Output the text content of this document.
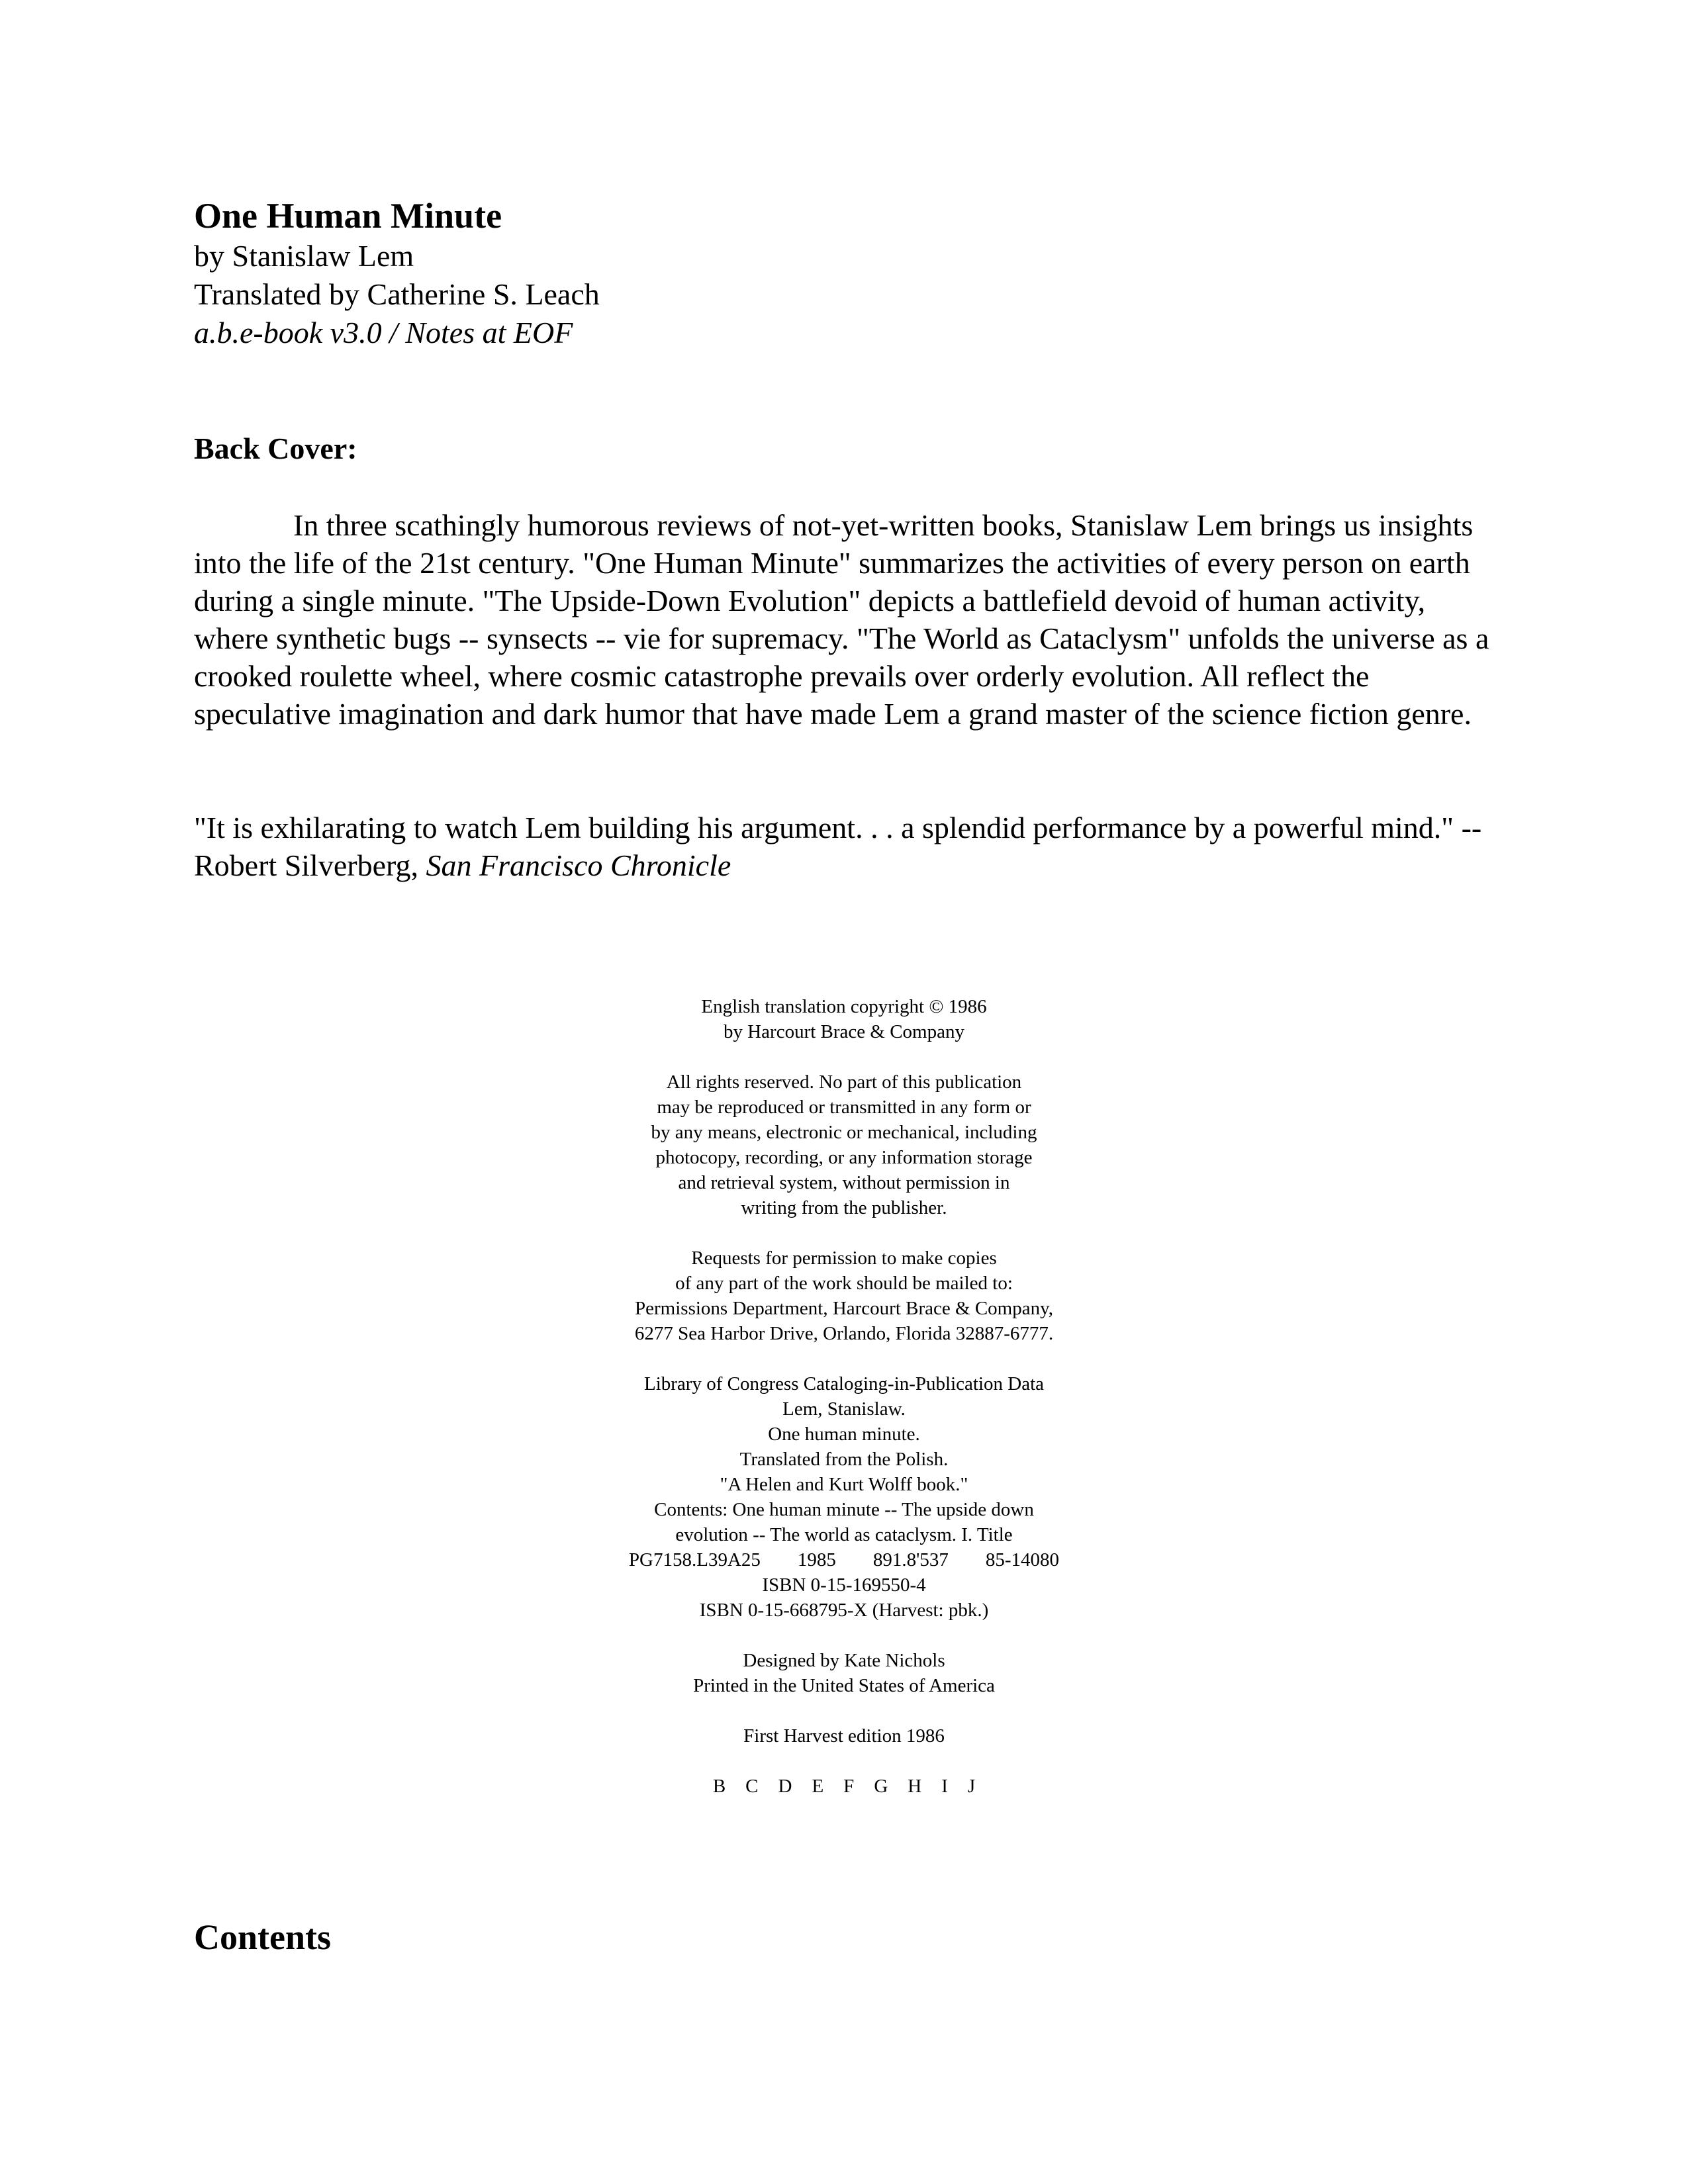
One Human Minute

by Stanislaw Lem

Translated by Catherine S. Leach

a.b.e-book v3.0 / Notes at EOF

Back Cover:

In three scathingly humorous reviews of not-yet-written books, Stanislaw Lem brings us insights into the life of the 21st century. "One Human Minute" summarizes the activities of every person on earth during a single minute. "The Upside-Down Evolution" depicts a battlefield devoid of human activity, where synthetic bugs -- synsects -- vie for supremacy. "The World as Cataclysm" unfolds the universe as a crooked roulette wheel, where cosmic catastrophe prevails over orderly evolution. All reflect the speculative imagination and dark humor that have made Lem a grand master of the science fiction genre.

"It is exhilarating to watch Lem building his argument. . . a splendid performance by a powerful mind." -- Robert Silverberg, San Francisco Chronicle

English translation copyright © 1986
by Harcourt Brace & Company
All rights reserved. No part of this publication
may be reproduced or transmitted in any form or
by any means, electronic or mechanical, including
photocopy, recording, or any information storage
and retrieval system, without permission in
writing from the publisher.
Requests for permission to make copies
of any part of the work should be mailed to:
Permissions Department, Harcourt Brace & Company,
6277 Sea Harbor Drive, Orlando, Florida 32887-6777.
Library of Congress Cataloging-in-Publication Data
Lem, Stanislaw.
One human minute.
Translated from the Polish.
"A Helen and Kurt Wolff book."
Contents: One human minute -- The upside down
evolution -- The world as cataclysm. I. Title
PG7158.L39A25 1985 891.8'537 85-14080
ISBN 0-15-169550-4
ISBN 0-15-668795-X (Harvest: pbk.)
Designed by Kate Nichols
Printed in the United States of America
First Harvest edition 1986
B C D E F G H I J

Contents
